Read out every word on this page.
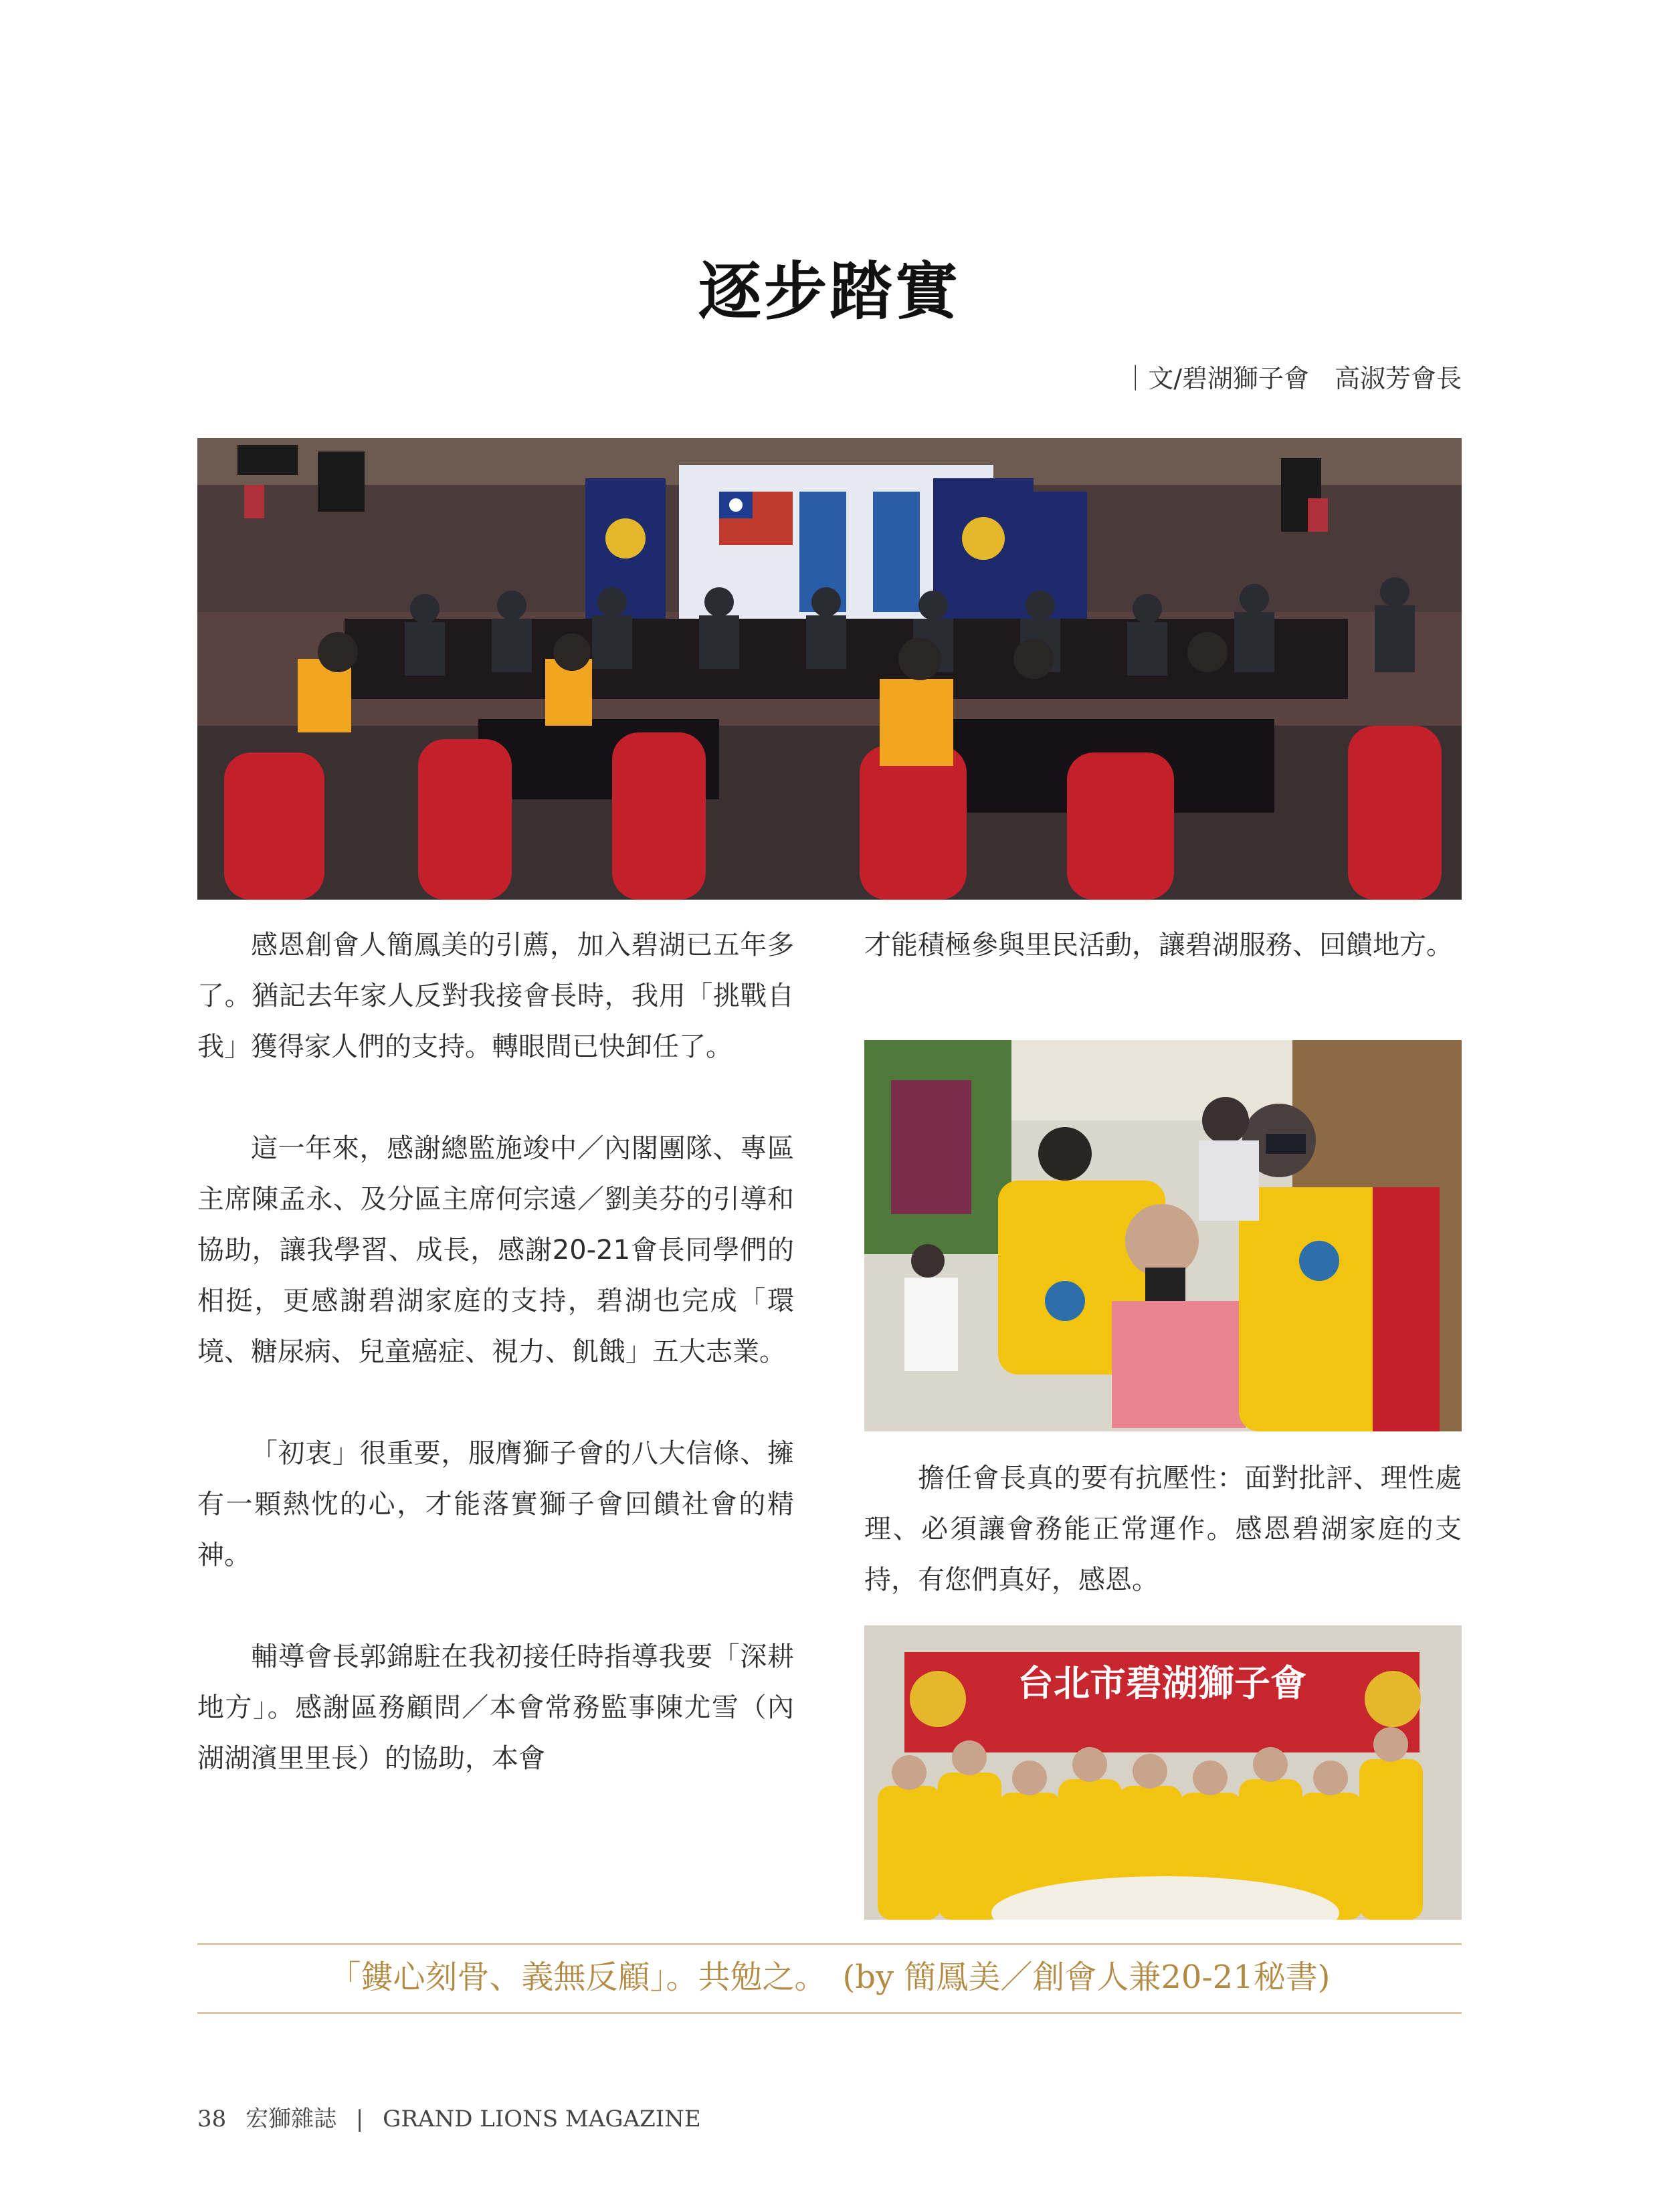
逐步踏實
｜文/碧湖獅子會　高淑芳會長

感恩創會人簡鳳美的引薦，加入碧湖已五年多了。猶記去年家人反對我接會長時，我用「挑戰自我」獲得家人們的支持。轉眼間已快卸任了。

這一年來，感謝總監施竣中／內閣團隊、專區主席陳孟永、及分區主席何宗遠／劉美芬的引導和協助，讓我學習、成長，感謝20-21會長同學們的相挺，更感謝碧湖家庭的支持，碧湖也完成「環境、糖尿病、兒童癌症、視力、飢餓」五大志業。

「初衷」很重要，服膺獅子會的八大信條、擁有一顆熱忱的心，才能落實獅子會回饋社會的精神。

輔導會長郭錦駐在我初接任時指導我要「深耕地方」。感謝區務顧問／本會常務監事陳尤雪（內湖湖濱里里長）的協助，本會

才能積極參與里民活動，讓碧湖服務、回饋地方。

擔任會長真的要有抗壓性：面對批評、理性處理、必須讓會務能正常運作。感恩碧湖家庭的支持，有您們真好，感恩。

台北市碧湖獅子會
「鏤心刻骨、義無反顧」。共勉之。　(by 簡鳳美／創會人兼20-21秘書)
38 宏獅雜誌 | GRAND LIONS MAGAZINE
